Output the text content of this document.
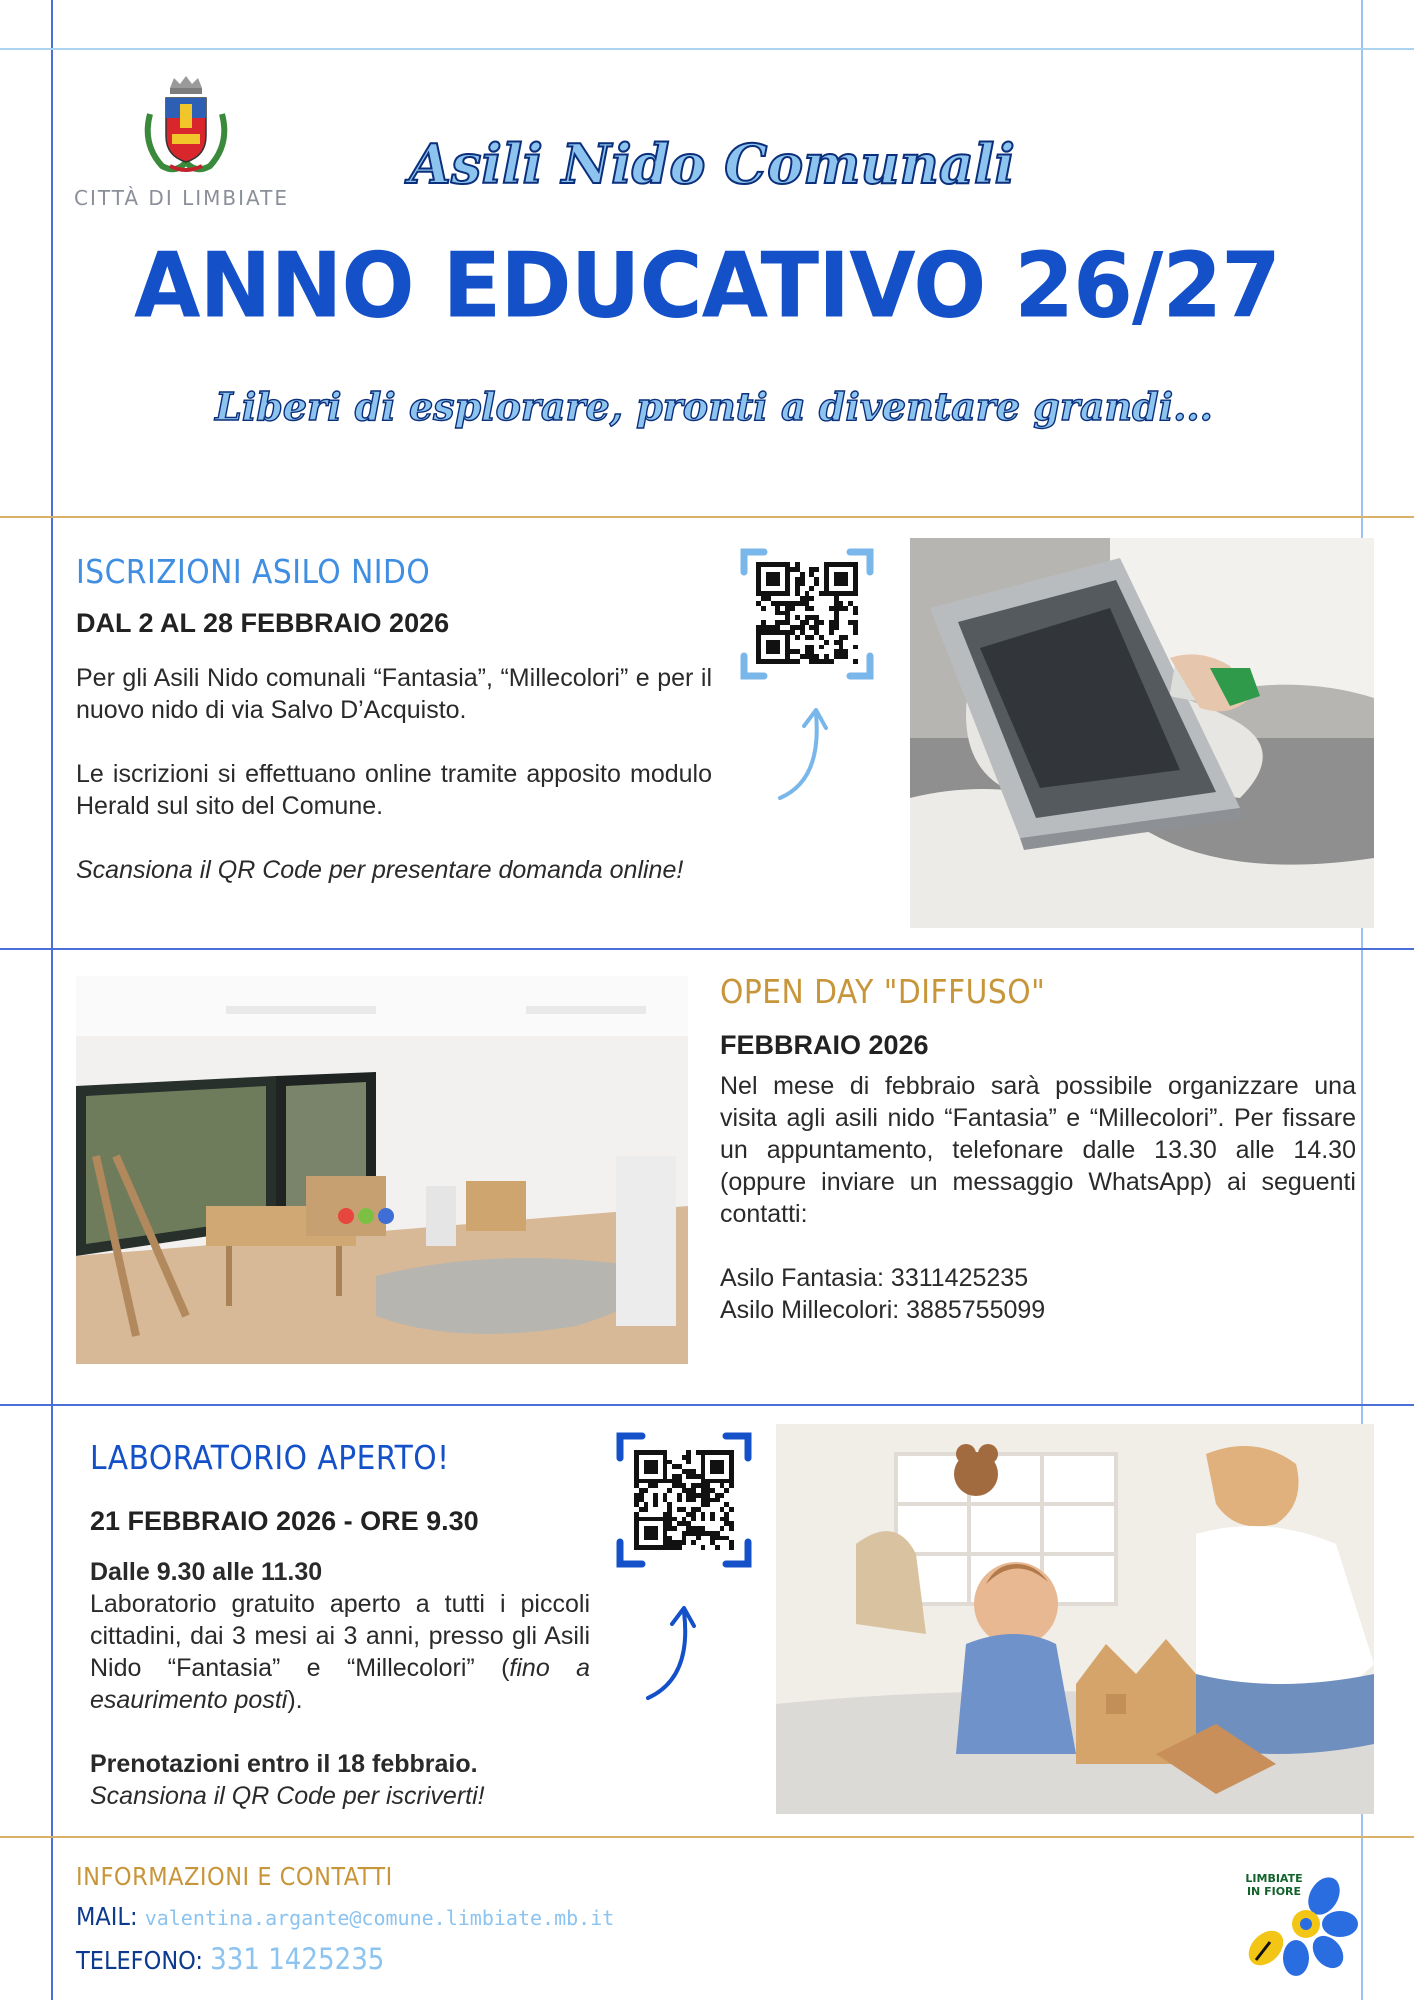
CITTÀ DI LIMBIATE
Asili Nido Comunali
ANNO EDUCATIVO 26/27
Liberi di esplorare, pronti a diventare grandi...
ISCRIZIONI ASILO NIDO
DAL 2 AL 28 FEBBRAIO 2026

Per gli Asili Nido comunali “Fantasia”, “Millecolori” e per il nuovo nido di via Salvo D’Acquisto.

Le iscrizioni si effettuano online tramite apposito modulo Herald sul sito del Comune.

Scansiona il QR Code per presentare domanda online!

OPEN DAY "DIFFUSO"
FEBBRAIO 2026

Nel mese di febbraio sarà possibile organizzare una visita agli asili nido “Fantasia” e “Millecolori”. Per fissare un appuntamento, telefonare dalle 13.30 alle 14.30 (oppure inviare un messaggio WhatsApp) ai seguenti contatti:

Asilo Fantasia: 3311425235
Asilo Millecolori: 3885755099
LABORATORIO APERTO!
21 FEBBRAIO 2026 - ORE 9.30
Dalle 9.30 alle 11.30

Laboratorio gratuito aperto a tutti i piccoli cittadini, dai 3 mesi ai 3 anni, presso gli Asili Nido “Fantasia” e “Millecolori” (fino a esaurimento posti).

Prenotazioni entro il 18 febbraio.
Scansiona il QR Code per iscriverti!
INFORMAZIONI E CONTATTI
MAIL: valentina.argante@comune.limbiate.mb.it
TELEFONO: 331 1425235
LIMBIATE IN FIORE
